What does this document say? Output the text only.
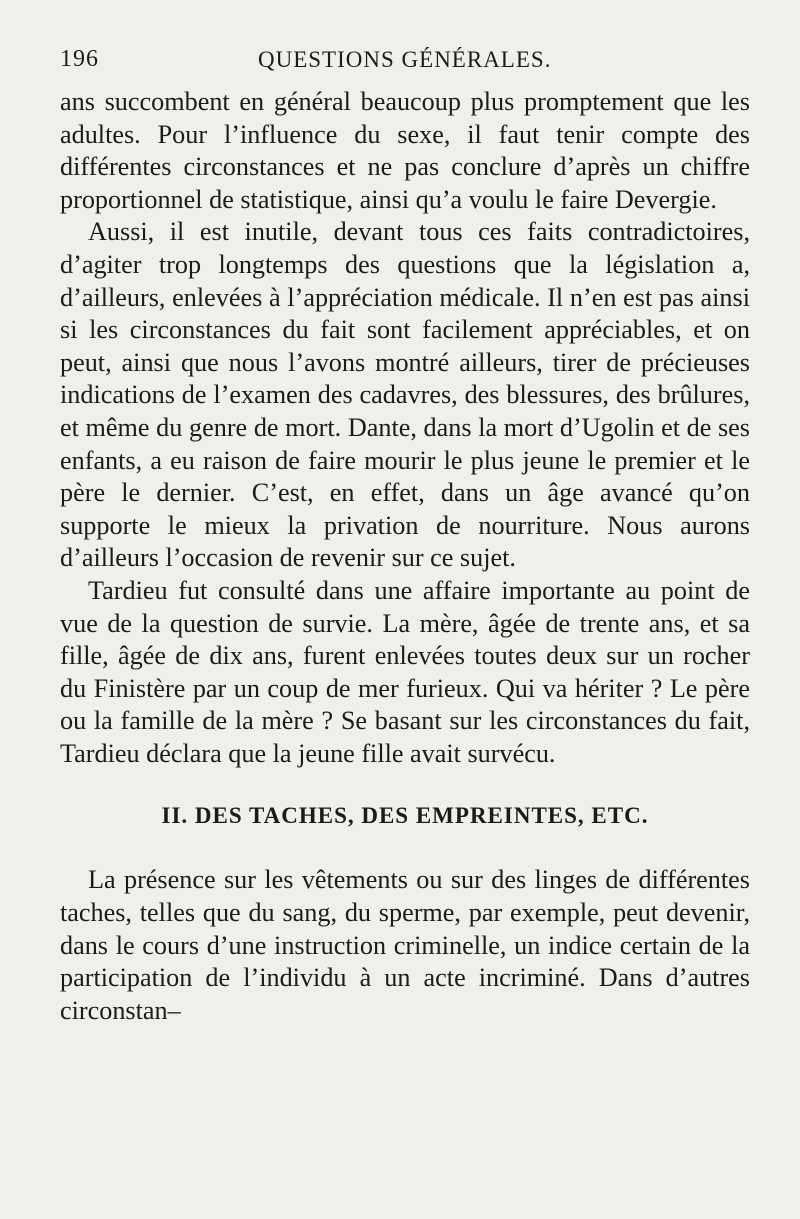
196	QUESTIONS GÉNÉRALES.

ans succombent en général beaucoup plus promptement que les adultes. Pour l’influence du sexe, il faut tenir compte des différentes circonstances et ne pas conclure d’après un chiffre proportionnel de statistique, ainsi qu’a voulu le faire Devergie.

Aussi, il est inutile, devant tous ces faits contradictoires, d’agiter trop longtemps des questions que la législation a, d’ailleurs, enlevées à l’appréciation médicale. Il n’en est pas ainsi si les circonstances du fait sont facilement appréciables, et on peut, ainsi que nous l’avons montré ailleurs, tirer de précieuses indications de l’examen des cadavres, des blessures, des brûlures, et même du genre de mort. Dante, dans la mort d’Ugolin et de ses enfants, a eu raison de faire mourir le plus jeune le premier et le père le dernier. C’est, en effet, dans un âge avancé qu’on supporte le mieux la privation de nourriture. Nous aurons d’ailleurs l’occasion de revenir sur ce sujet.

Tardieu fut consulté dans une affaire importante au point de vue de la question de survie. La mère, âgée de trente ans, et sa fille, âgée de dix ans, furent enlevées toutes deux sur un rocher du Finistère par un coup de mer furieux. Qui va hériter ? Le père ou la famille de la mère ? Se basant sur les circonstances du fait, Tardieu déclara que la jeune fille avait survécu.

II. DES TACHES, DES EMPREINTES, ETC.

La présence sur les vêtements ou sur des linges de différentes taches, telles que du sang, du sperme, par exemple, peut devenir, dans le cours d’une instruction criminelle, un indice certain de la participation de l’individu à un acte incriminé. Dans d’autres circonstan–
